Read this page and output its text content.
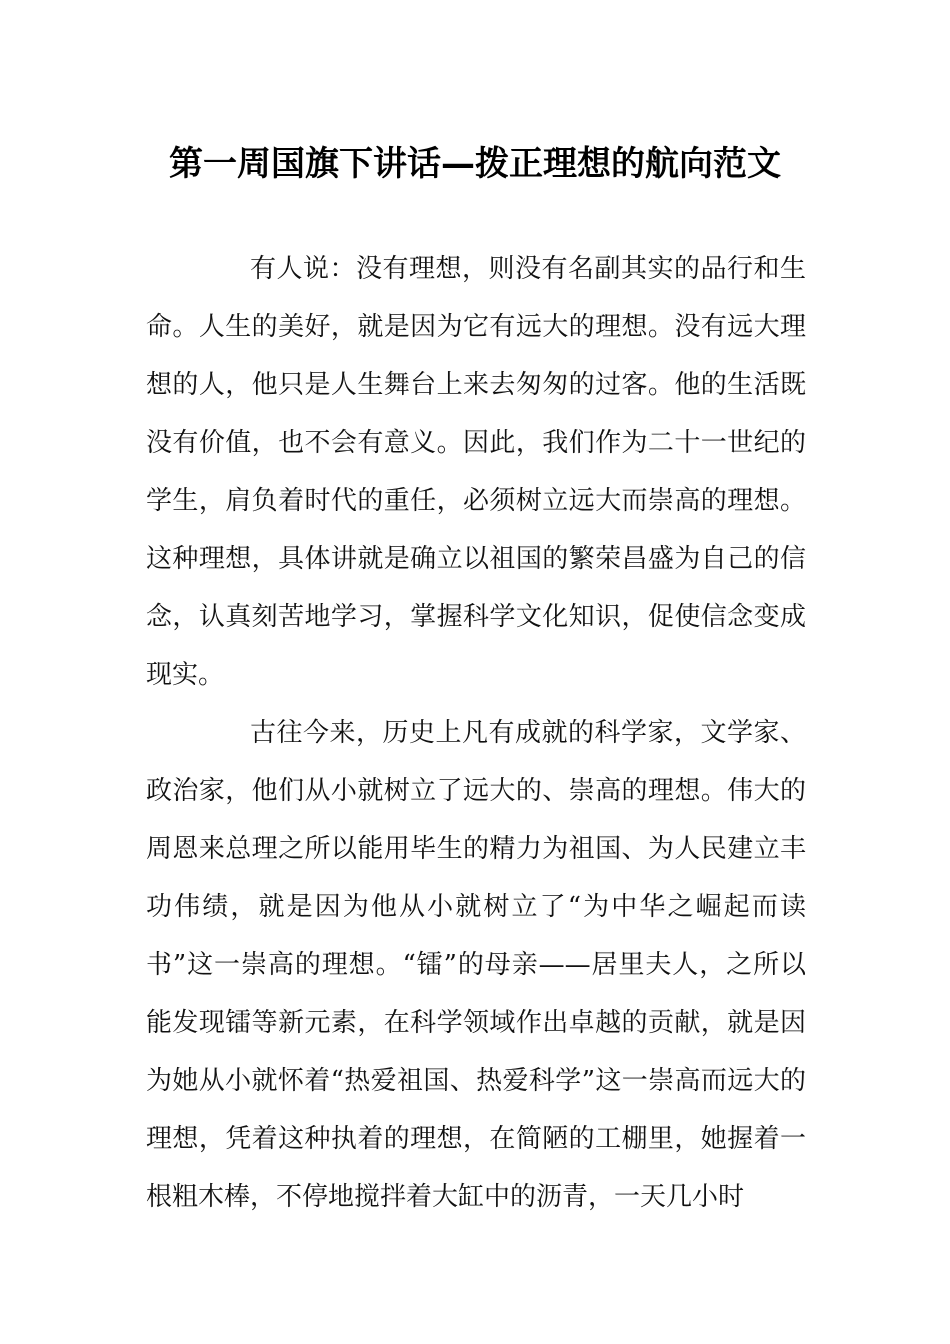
第一周国旗下讲话—拨正理想的航向范文

有人说：没有理想，则没有名副其实的品行和生命。人生的美好，就是因为它有远大的理想。没有远大理想的人，他只是人生舞台上来去匆匆的过客。他的生活既没有价值，也不会有意义。因此，我们作为二十一世纪的学生，肩负着时代的重任，必须树立远大而崇高的理想。这种理想，具体讲就是确立以祖国的繁荣昌盛为自己的信念，认真刻苦地学习，掌握科学文化知识，促使信念变成现实。

古往今来，历史上凡有成就的科学家，文学家、政治家，他们从小就树立了远大的、崇高的理想。伟大的周恩来总理之所以能用毕生的精力为祖国、为人民建立丰功伟绩，就是因为他从小就树立了“为中华之崛起而读书”这一崇高的理想。“镭”的母亲——居里夫人，之所以能发现镭等新元素，在科学领域作出卓越的贡献，就是因为她从小就怀着“热爱祖国、热爱科学”这一崇高而远大的理想，凭着这种执着的理想，在简陋的工棚里，她握着一根粗木棒，不停地搅拌着大缸中的沥青，一天几小时
